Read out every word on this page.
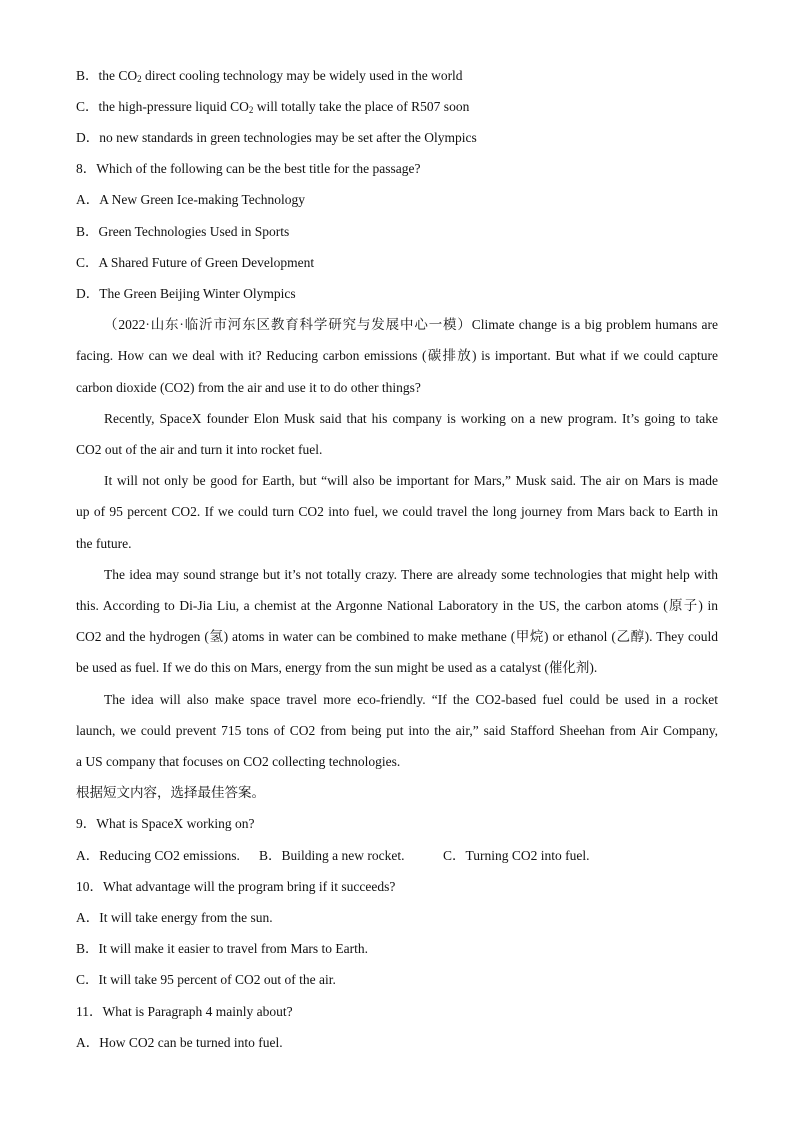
B．the $CO_2$ direct cooling technology may be widely used in the world
C．the high-pressure liquid $CO_2$ will totally take the place of R507 soon
D．no new standards in green technologies may be set after the Olympics
8．Which of the following can be the best title for the passage?
A．A New Green Ice-making Technology
B．Green Technologies Used in Sports
C．A Shared Future of Green Development
D．The Green Beijing Winter Olympics
（2022·山东·临沂市河东区教育科学研究与发展中心一模）Climate change is a big problem humans are
facing. How can we deal with it? Reducing carbon emissions (碳排放) is important. But what if we could capture
carbon dioxide (CO2) from the air and use it to do other things?
Recently, SpaceX founder Elon Musk said that his company is working on a new program. It’s going to take
CO2 out of the air and turn it into rocket fuel.
It will not only be good for Earth, but “will also be important for Mars,” Musk said. The air on Mars is made
up of 95 percent CO2. If we could turn CO2 into fuel, we could travel the long journey from Mars back to Earth in
the future.
The idea may sound strange but it’s not totally crazy. There are already some technologies that might help with
this. According to Di-Jia Liu, a chemist at the Argonne National Laboratory in the US, the carbon atoms (原子) in
CO2 and the hydrogen (氢) atoms in water can be combined to make methane (甲烷) or ethanol (乙醇). They could
be used as fuel. If we do this on Mars, energy from the sun might be used as a catalyst (催化剂).
The idea will also make space travel more eco-friendly. “If the CO2-based fuel could be used in a rocket
launch, we could prevent 715 tons of CO2 from being put into the air,” said Stafford Sheehan from Air Company,
a US company that focuses on CO2 collecting technologies.
根据短文内容，选择最佳答案。
9．What is SpaceX working on?
A．Reducing CO2 emissions. B．Building a new rocket.	C．Turning CO2 into fuel.
10．What advantage will the program bring if it succeeds?
A．It will take energy from the sun.
B．It will make it easier to travel from Mars to Earth.
C．It will take 95 percent of CO2 out of the air.
11．What is Paragraph 4 mainly about?
A．How CO2 can be turned into fuel.
